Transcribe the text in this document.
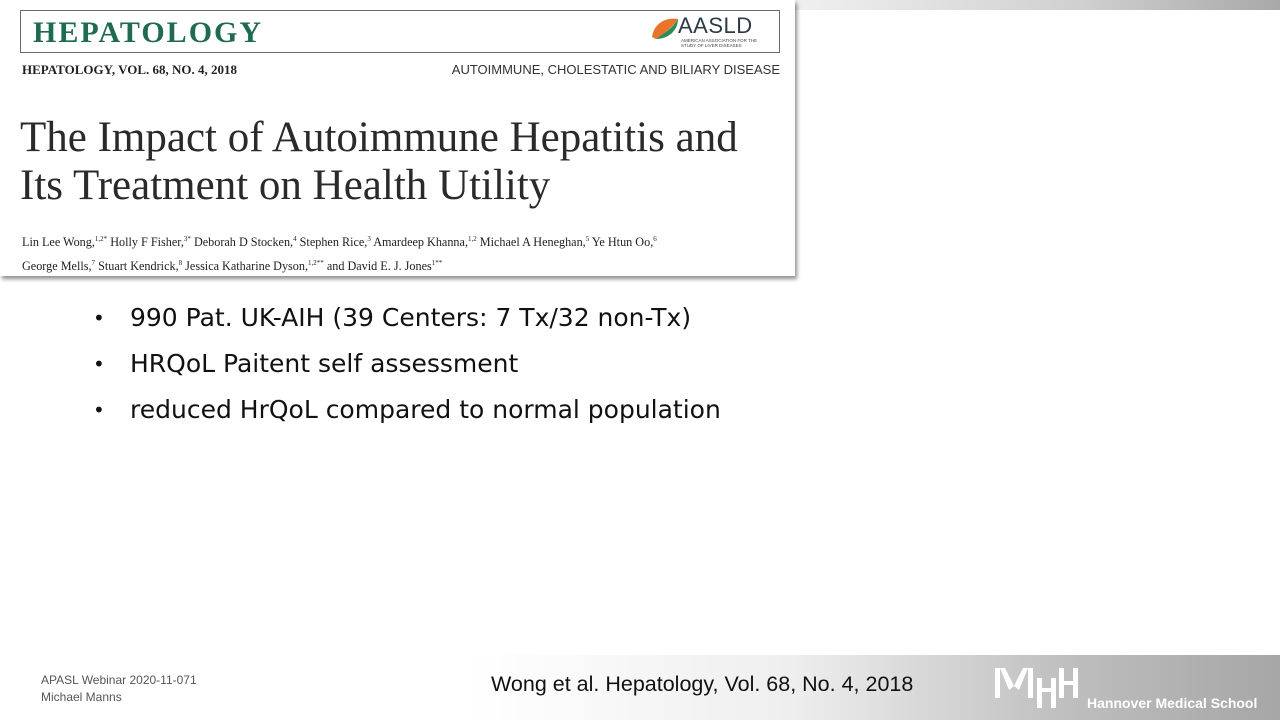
HEPATOLOGY	AASLD
AMERICAN ASSOCIATION FOR THE STUDY OF LIVER DISEASES
HEPATOLOGY, VOL. 68, NO. 4, 2018	AUTOIMMUNE, CHOLESTATIC AND BILIARY DISEASE
The Impact of Autoimmune Hepatitis and
Its Treatment on Health Utility
Lin Lee Wong,$^{1,2*}$ Holly F Fisher,$^{3*}$ Deborah D Stocken,$^4$ Stephen Rice,$^3$ Amardeep Khanna,$^{1,2}$ Michael A Heneghan,$^5$ Ye Htun Oo,$^6$
George Mells,$^7$ Stuart Kendrick,$^8$ Jessica Katharine Dyson,$^{1,2**}$ and David E. J. Jones$^{1**}$
• 990 Pat. UK-AIH (39 Centers: 7 Tx/32 non-Tx)
• HRQoL Paitent self assessment
• reduced HrQoL compared to normal population
APASL Webinar 2020-11-071
Michael Manns
Wong et al. Hepatology, Vol. 68, No. 4, 2018
Hannover Medical School
